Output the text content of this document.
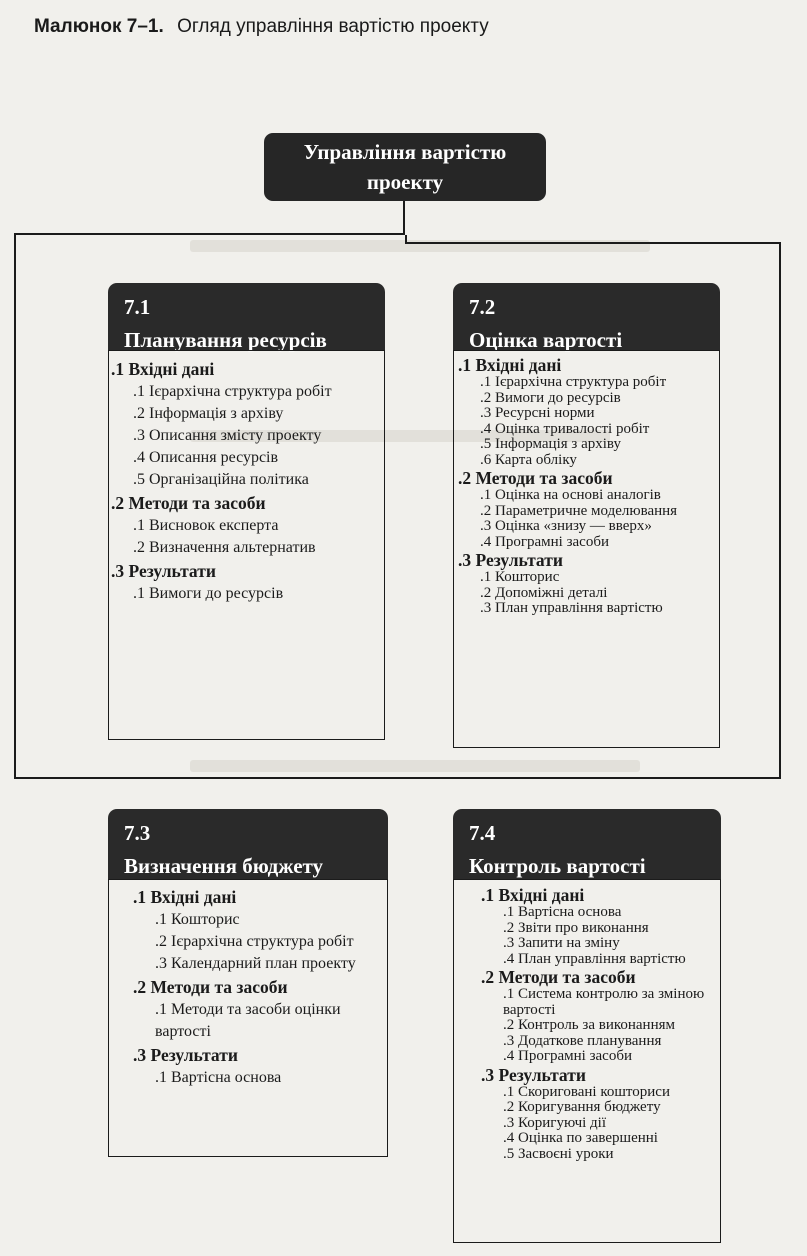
Малюнок 7–1. Огляд управління вартістю проекту

Управління вартістю проекту
7.1
Планування ресурсів
.1 Вхідні дані
.1 Ієрархічна структура робіт
.2 Інформація з архіву
.3 Описання змісту проекту
.4 Описання ресурсів
.5 Організаційна політика
.2 Методи та засоби
.1 Висновок експерта
.2 Визначення альтернатив
.3 Результати
.1 Вимоги до ресурсів
7.2
Оцінка вартості
.1 Вхідні дані
.1 Ієрархічна структура робіт
.2 Вимоги до ресурсів
.3 Ресурсні норми
.4 Оцінка тривалості робіт
.5 Інформація з архіву
.6 Карта обліку
.2 Методи та засоби
.1 Оцінка на основі аналогів
.2 Параметричне моделювання
.3 Оцінка «знизу — вверх»
.4 Програмні засоби
.3 Результати
.1 Кошторис
.2 Допоміжні деталі
.3 План управління вартістю
7.3
Визначення бюджету
.1 Вхідні дані
.1 Кошторис
.2 Ієрархічна структура робіт
.3 Календарний план проекту
.2 Методи та засоби
.1 Методи та засоби оцінки вартості
.3 Результати
.1 Вартісна основа
7.4
Контроль вартості
.1 Вхідні дані
.1 Вартісна основа
.2 Звіти про виконання
.3 Запити на зміну
.4 План управління вартістю
.2 Методи та засоби
.1 Система контролю за зміною вартості
.2 Контроль за виконанням
.3 Додаткове планування
.4 Програмні засоби
.3 Результати
.1 Скориговані кошториси
.2 Коригування бюджету
.3 Коригуючі дії
.4 Оцінка по завершенні
.5 Засвоєні уроки
